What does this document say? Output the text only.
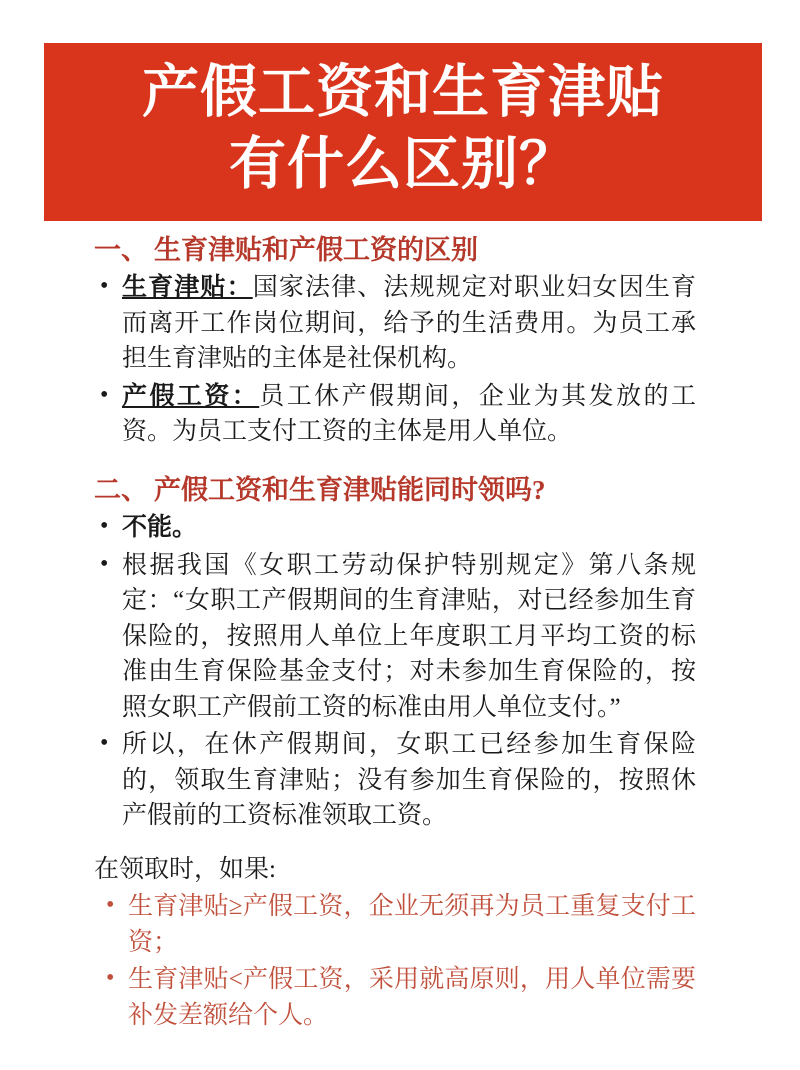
产假工资和生育津贴
有什么区别？
一、 生育津贴和产假工资的区别
• 生育津贴：国家法律、法规规定对职业妇女因生育而离开工作岗位期间，给予的生活费用。为员工承担生育津贴的主体是社保机构。
• 产假工资：员工休产假期间，企业为其发放的工资。为员工支付工资的主体是用人单位。
二、 产假工资和生育津贴能同时领吗?
• 不能。
• 根据我国《女职工劳动保护特别规定》第八条规定：“女职工产假期间的生育津贴，对已经参加生育保险的，按照用人单位上年度职工月平均工资的标准由生育保险基金支付；对未参加生育保险的，按照女职工产假前工资的标准由用人单位支付。”
• 所以，在休产假期间，女职工已经参加生育保险的，领取生育津贴；没有参加生育保险的，按照休产假前的工资标准领取工资。
在领取时，如果:
• 生育津贴≥产假工资，企业无须再为员工重复支付工资；
• 生育津贴<产假工资，采用就高原则，用人单位需要补发差额给个人。
